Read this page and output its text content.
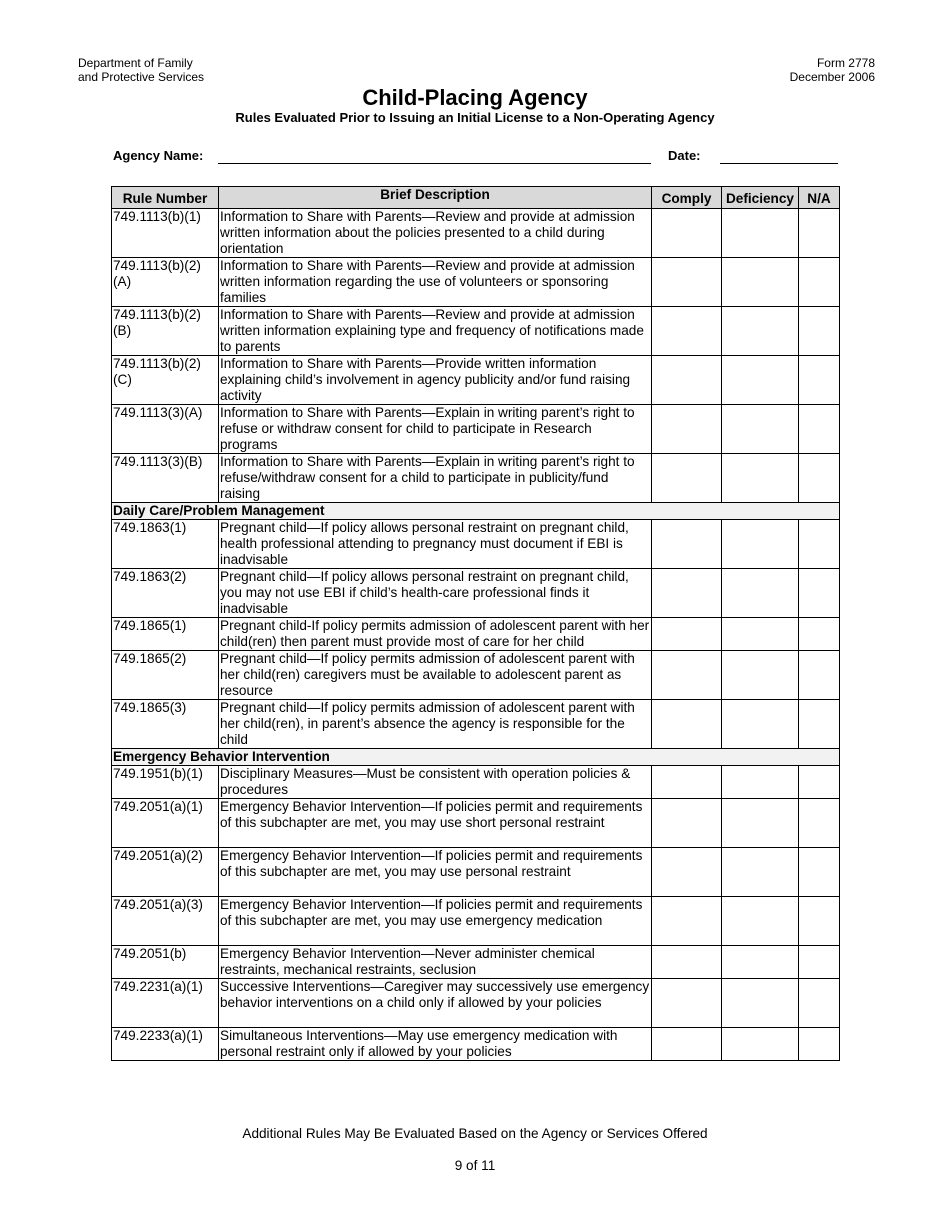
Department of Family
and Protective Services
Form 2778
December 2006
Child-Placing Agency
Rules Evaluated Prior to Issuing an Initial License to a Non-Operating Agency
Agency Name:	Date:
Rule Number	Brief Description	Comply	Deficiency	N/A
749.1113(b)(1)	Information to Share with Parents—Review and provide at admission written information about the policies presented to a child during orientation			
749.1113(b)(2)(A)	Information to Share with Parents—Review and provide at admission written information regarding the use of volunteers or sponsoring families			
749.1113(b)(2)(B)	Information to Share with Parents—Review and provide at admission written information explaining type and frequency of notifications made to parents			
749.1113(b)(2)(C)	Information to Share with Parents—Provide written information explaining child’s involvement in agency publicity and/or fund raising activity			
749.1113(3)(A)	Information to Share with Parents—Explain in writing parent’s right to refuse or withdraw consent for child to participate in Research programs			
749.1113(3)(B)	Information to Share with Parents—Explain in writing parent’s right to refuse/withdraw consent for a child to participate in publicity/fund raising			
Daily Care/Problem Management				
749.1863(1)	Pregnant child—If policy allows personal restraint on pregnant child, health professional attending to pregnancy must document if EBI is inadvisable			
749.1863(2)	Pregnant child—If policy allows personal restraint on pregnant child, you may not use EBI if child’s health-care professional finds it inadvisable			
749.1865(1)	Pregnant child-If policy permits admission of adolescent parent with her child(ren) then parent must provide most of care for her child			
749.1865(2)	Pregnant child—If policy permits admission of adolescent parent with her child(ren) caregivers must be available to adolescent parent as resource			
749.1865(3)	Pregnant child—If policy permits admission of adolescent parent with her child(ren), in parent’s absence the agency is responsible for the child			
Emergency Behavior Intervention				
749.1951(b)(1)	Disciplinary Measures—Must be consistent with operation policies & procedures			
749.2051(a)(1)	Emergency Behavior Intervention—If policies permit and requirements of this subchapter are met, you may use short personal restraint			
749.2051(a)(2)	Emergency Behavior Intervention—If policies permit and requirements of this subchapter are met, you may use personal restraint			
749.2051(a)(3)	Emergency Behavior Intervention—If policies permit and requirements of this subchapter are met, you may use emergency medication			
749.2051(b)	Emergency Behavior Intervention—Never administer chemical restraints, mechanical restraints, seclusion			
749.2231(a)(1)	Successive Interventions—Caregiver may successively use emergency behavior interventions on a child only if allowed by your policies			
749.2233(a)(1)	Simultaneous Interventions—May use emergency medication with personal restraint only if allowed by your policies			
Additional Rules May Be Evaluated Based on the Agency or Services Offered
9 of 11
